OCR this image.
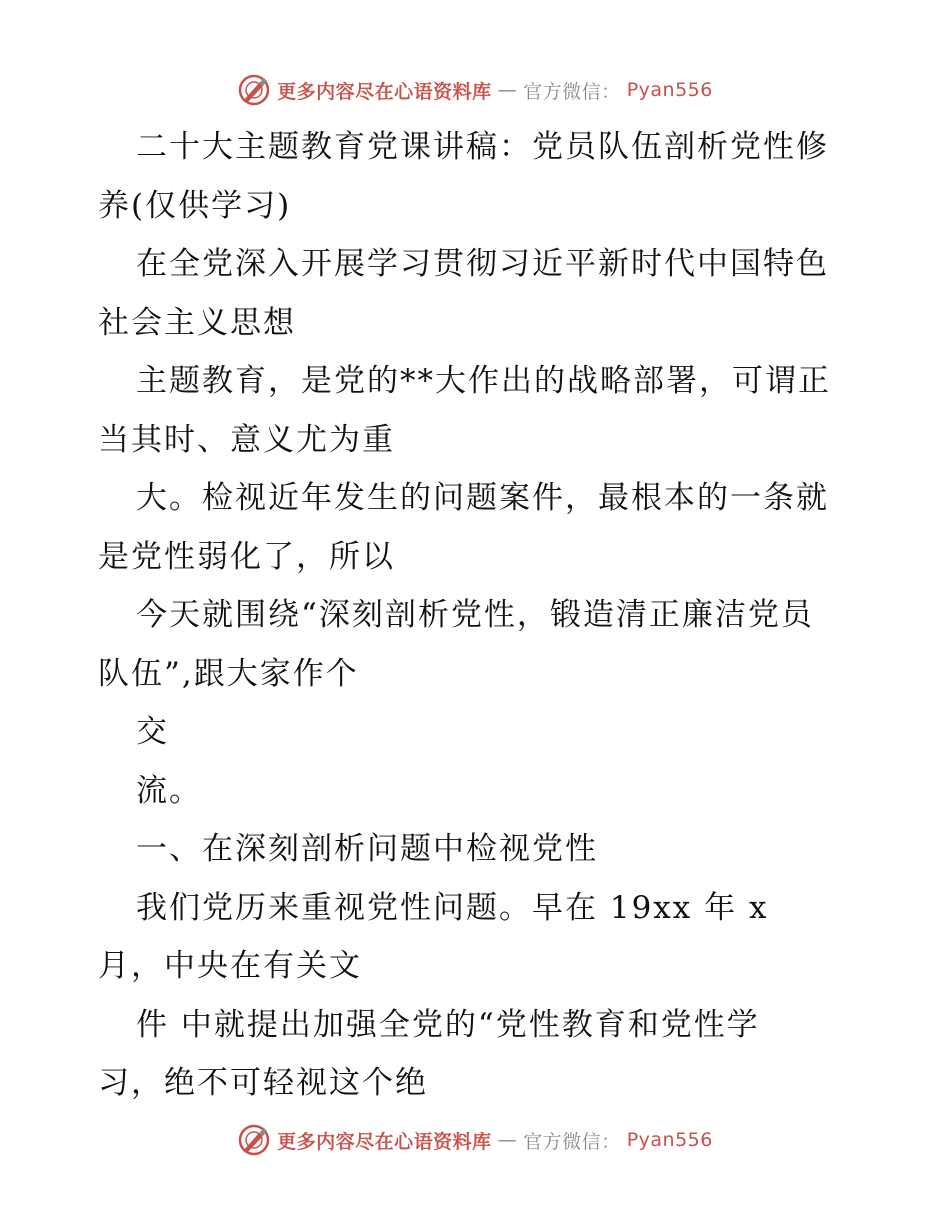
更多内容尽在心语资料库 — 官方微信： Pyan556
二十大主题教育党课讲稿：党员队伍剖析党性修
养(仅供学习)
在全党深入开展学习贯彻习近平新时代中国特色
社会主义思想
主题教育，是党的**大作出的战略部署，可谓正
当其时、意义尤为重
大。检视近年发生的问题案件，最根本的一条就
是党性弱化了，所以
今天就围绕“深刻剖析党性，锻造清正廉洁党员
队伍”,跟大家作个
交
流。
一、在深刻剖析问题中检视党性
我们党历来重视党性问题。早在 19xx 年 x
月，中央在有关文
件 中就提出加强全党的“党性教育和党性学
习，绝不可轻视这个绝
更多内容尽在心语资料库 — 官方微信： Pyan556
